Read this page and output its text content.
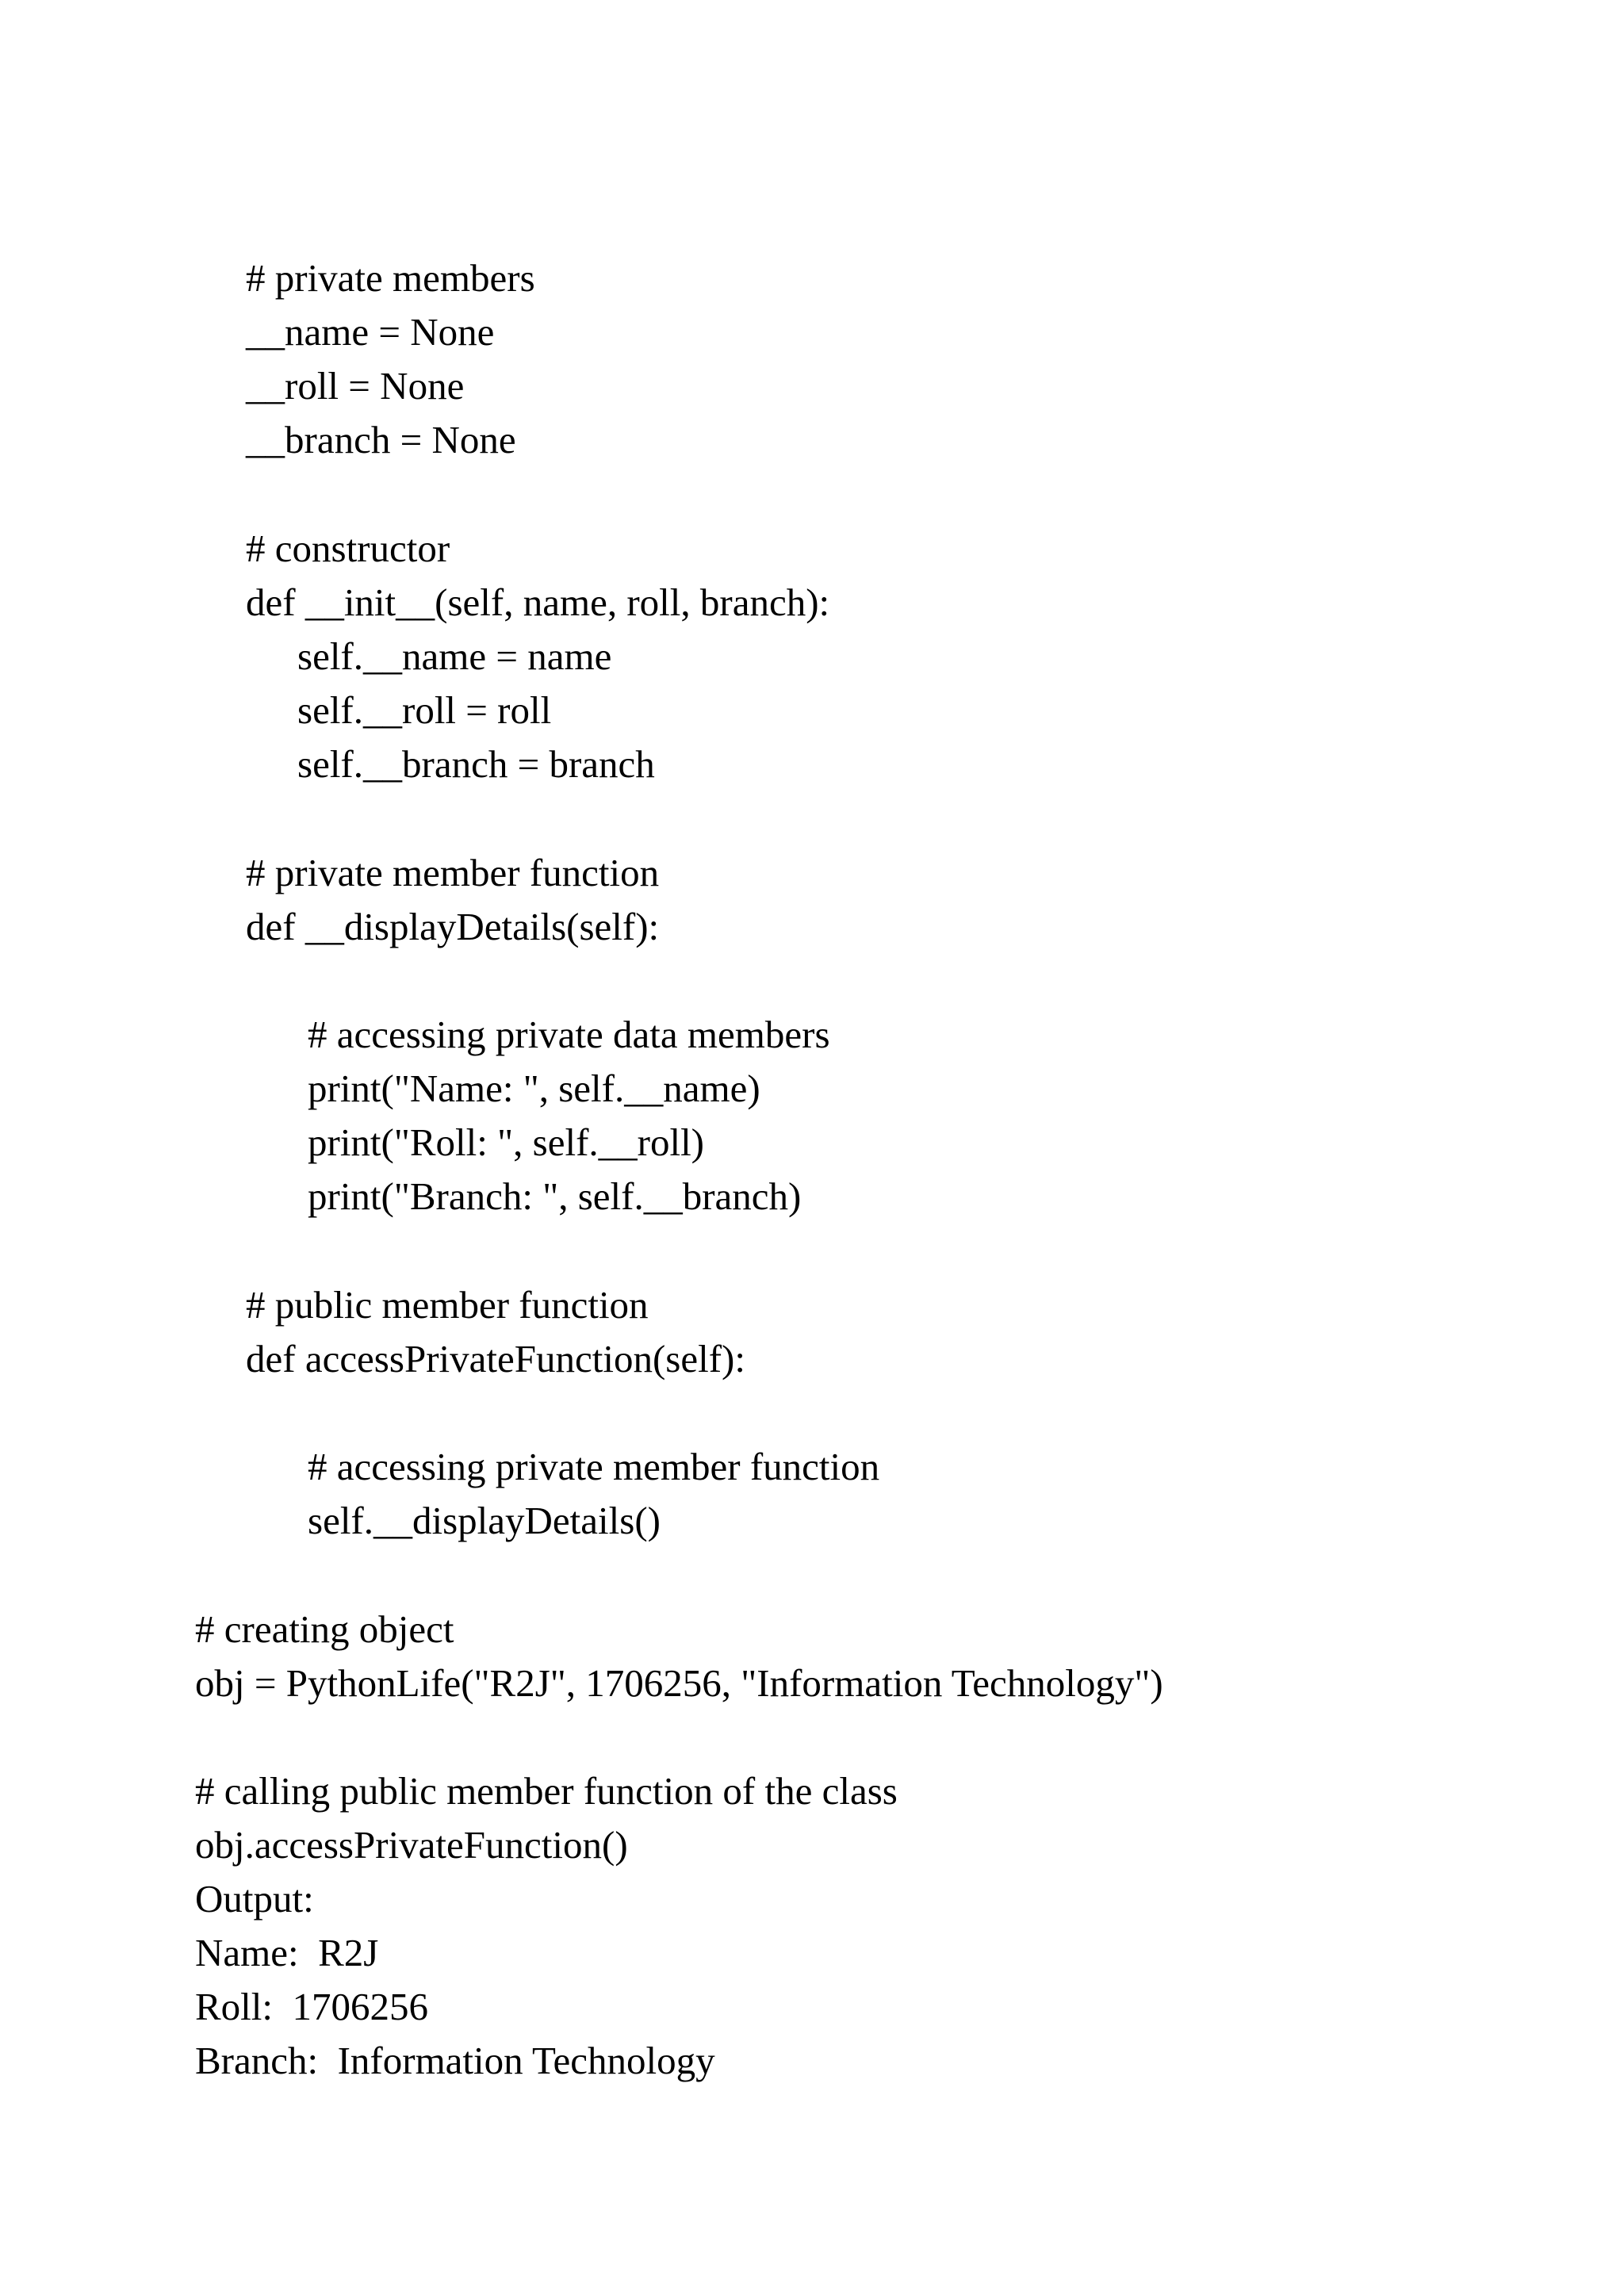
# private members

__name = None

__roll = None

__branch = None

# constructor

def __init__(self, name, roll, branch):

self.__name = name

self.__roll = roll

self.__branch = branch

# private member function

def __displayDetails(self):

# accessing private data members

print("Name: ", self.__name)

print("Roll: ", self.__roll)

print("Branch: ", self.__branch)

# public member function

def accessPrivateFunction(self):

# accessing private member function

self.__displayDetails()

# creating object

obj = PythonLife("R2J", 1706256, "Information Technology")

# calling public member function of the class

obj.accessPrivateFunction()

Output:

Name:  R2J

Roll:  1706256

Branch:  Information Technology
